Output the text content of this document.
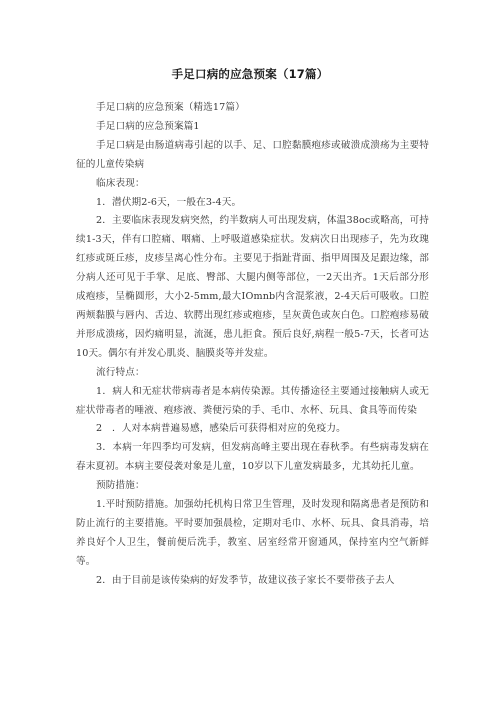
手足口病的应急预案（17篇）

手足口病的应急预案（精选17篇）

手足口病的应急预案篇1

手足口病是由肠道病毒引起的以手、足、口腔黏膜疱疹或破溃成溃疡为主要特征的儿童传染病

临床表现：

1．潜伏期2-6天，一般在3-4天。

2．主要临床表现发病突然，约半数病人可出现发病，体温38oc或略高，可持续1-3天，伴有口腔痛、咽痛、上呼吸道感染症状。发病次日出现疹子，先为玫瑰红疹或斑丘疹，皮疹呈离心性分布。主要见于指趾背面、指甲周围及足跟边缘，部分病人还可见于手掌、足底、臀部、大腿内侧等部位，一2天出齐。1天后部分形成疱疹，呈椭圆形，大小2-5mm,最大IOmnb内含混浆液，2-4天后可吸收。口腔两颊黏膜与唇内、舌边、软腭出现红疹或疱疹，呈灰黄色或灰白色。口腔疱疹易破并形成溃疡，因灼痛明显，流涎，患儿拒食。预后良好,病程一般5-7天，长者可达10天。偶尔有并发心肌炎、脑膜炎等并发症。

流行特点：

1．病人和无症状带病毒者是本病传染源。其传播途径主要通过接触病人或无症状带毒者的唾液、疱疹液、粪便污染的手、毛巾、水杯、玩具、食具等而传染

2　．人对本病普遍易感，感染后可获得相对应的免疫力。

3．本病一年四季均可发病，但发病高峰主要出现在春秋季。有些病毒发病在春末夏初。本病主要侵袭对象是儿童，10岁以下儿童发病最多，尤其幼托儿童。

预防措施：

1.平时预防措施。加强幼托机构日常卫生管理，及时发现和隔离患者是预防和防止流行的主要措施。平时要加强晨检，定期对毛巾、水杯、玩具、食具消毒，培养良好个人卫生，餐前便后洗手，教室、居室经常开窗通风，保持室内空气新鲜等。

2．由于目前是该传染病的好发季节，故建议孩子家长不要带孩子去人
